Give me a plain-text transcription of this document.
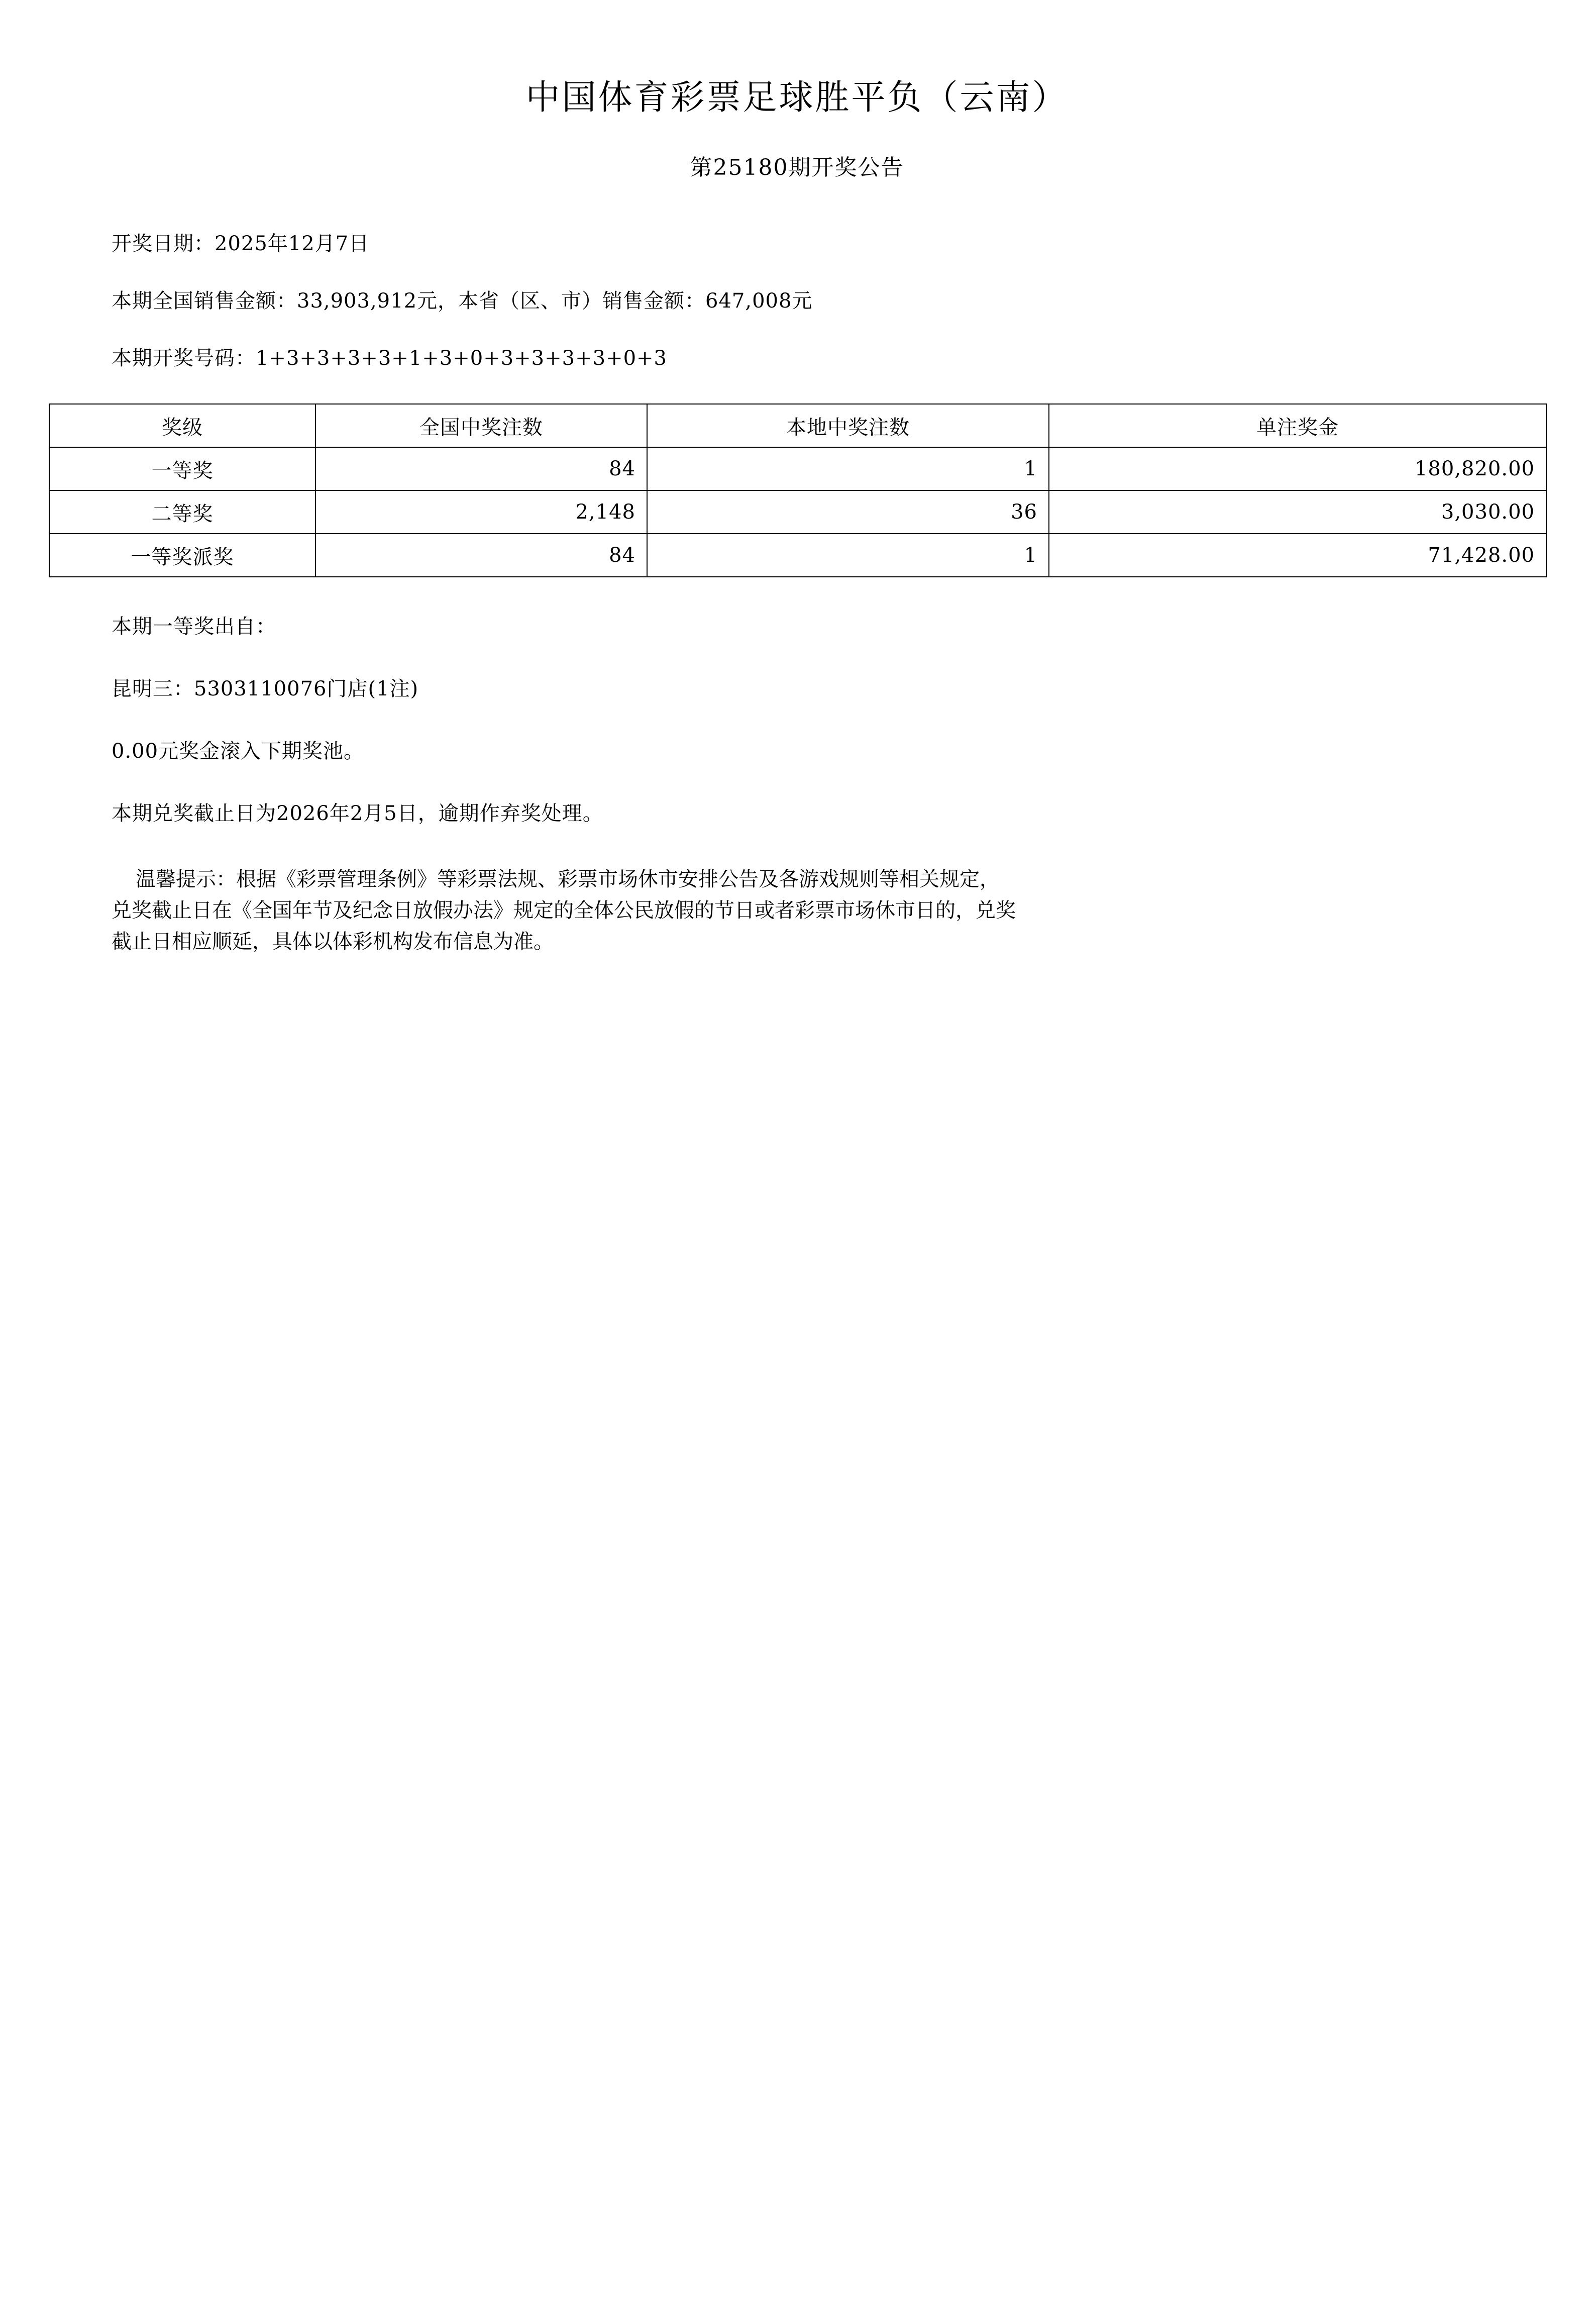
中国体育彩票足球胜平负（云南）
第25180期开奖公告
开奖日期：2025年12月7日
本期全国销售金额：33,903,912元，本省（区、市）销售金额：647,008元
本期开奖号码：1+3+3+3+3+1+3+0+3+3+3+3+0+3
奖级	全国中奖注数	本地中奖注数	单注奖金
一等奖	84	1	180,820.00
二等奖	2,148	36	3,030.00
一等奖派奖	84	1	71,428.00
本期一等奖出自：
昆明三：5303110076门店(1注)
0.00元奖金滚入下期奖池。
本期兑奖截止日为2026年2月5日，逾期作弃奖处理。
温馨提示：根据《彩票管理条例》等彩票法规、彩票市场休市安排公告及各游戏规则等相关规定，
兑奖截止日在《全国年节及纪念日放假办法》规定的全体公民放假的节日或者彩票市场休市日的，兑奖
截止日相应顺延，具体以体彩机构发布信息为准。
